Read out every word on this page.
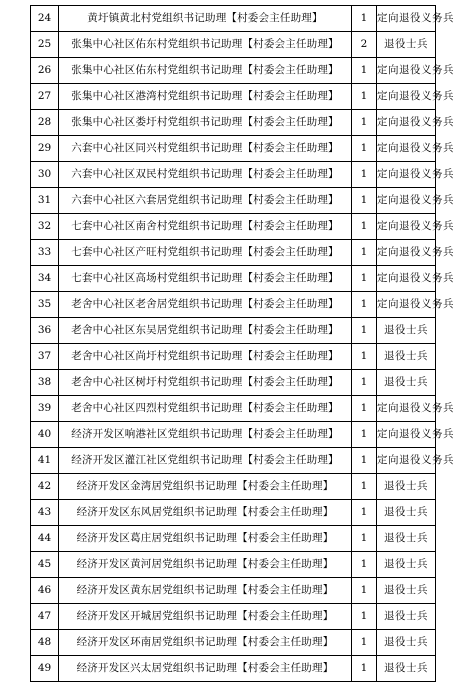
24	黄圩镇黄北村党组织书记助理【村委会主任助理】	1	定向退役义务兵
25	张集中心社区佑东村党组织书记助理【村委会主任助理】	2	退役士兵
26	张集中心社区佑东村党组织书记助理【村委会主任助理】	1	定向退役义务兵
27	张集中心社区港湾村党组织书记助理【村委会主任助理】	1	定向退役义务兵
28	张集中心社区娄圩村党组织书记助理【村委会主任助理】	1	定向退役义务兵
29	六套中心社区同兴村党组织书记助理【村委会主任助理】	1	定向退役义务兵
30	六套中心社区双民村党组织书记助理【村委会主任助理】	1	定向退役义务兵
31	六套中心社区六套居党组织书记助理【村委会主任助理】	1	定向退役义务兵
32	七套中心社区南舍村党组织书记助理【村委会主任助理】	1	定向退役义务兵
33	七套中心社区产旺村党组织书记助理【村委会主任助理】	1	定向退役义务兵
34	七套中心社区高场村党组织书记助理【村委会主任助理】	1	定向退役义务兵
35	老舍中心社区老舍居党组织书记助理【村委会主任助理】	1	定向退役义务兵
36	老舍中心社区东吴居党组织书记助理【村委会主任助理】	1	退役士兵
37	老舍中心社区尚圩村党组织书记助理【村委会主任助理】	1	退役士兵
38	老舍中心社区树圩村党组织书记助理【村委会主任助理】	1	退役士兵
39	老舍中心社区四烈村党组织书记助理【村委会主任助理】	1	定向退役义务兵
40	经济开发区响港社区党组织书记助理【村委会主任助理】	1	定向退役义务兵
41	经济开发区灌江社区党组织书记助理【村委会主任助理】	1	定向退役义务兵
42	经济开发区金湾居党组织书记助理【村委会主任助理】	1	退役士兵
43	经济开发区东风居党组织书记助理【村委会主任助理】	1	退役士兵
44	经济开发区葛庄居党组织书记助理【村委会主任助理】	1	退役士兵
45	经济开发区黄河居党组织书记助理【村委会主任助理】	1	退役士兵
46	经济开发区黄东居党组织书记助理【村委会主任助理】	1	退役士兵
47	经济开发区开城居党组织书记助理【村委会主任助理】	1	退役士兵
48	经济开发区环南居党组织书记助理【村委会主任助理】	1	退役士兵
49	经济开发区兴太居党组织书记助理【村委会主任助理】	1	退役士兵
